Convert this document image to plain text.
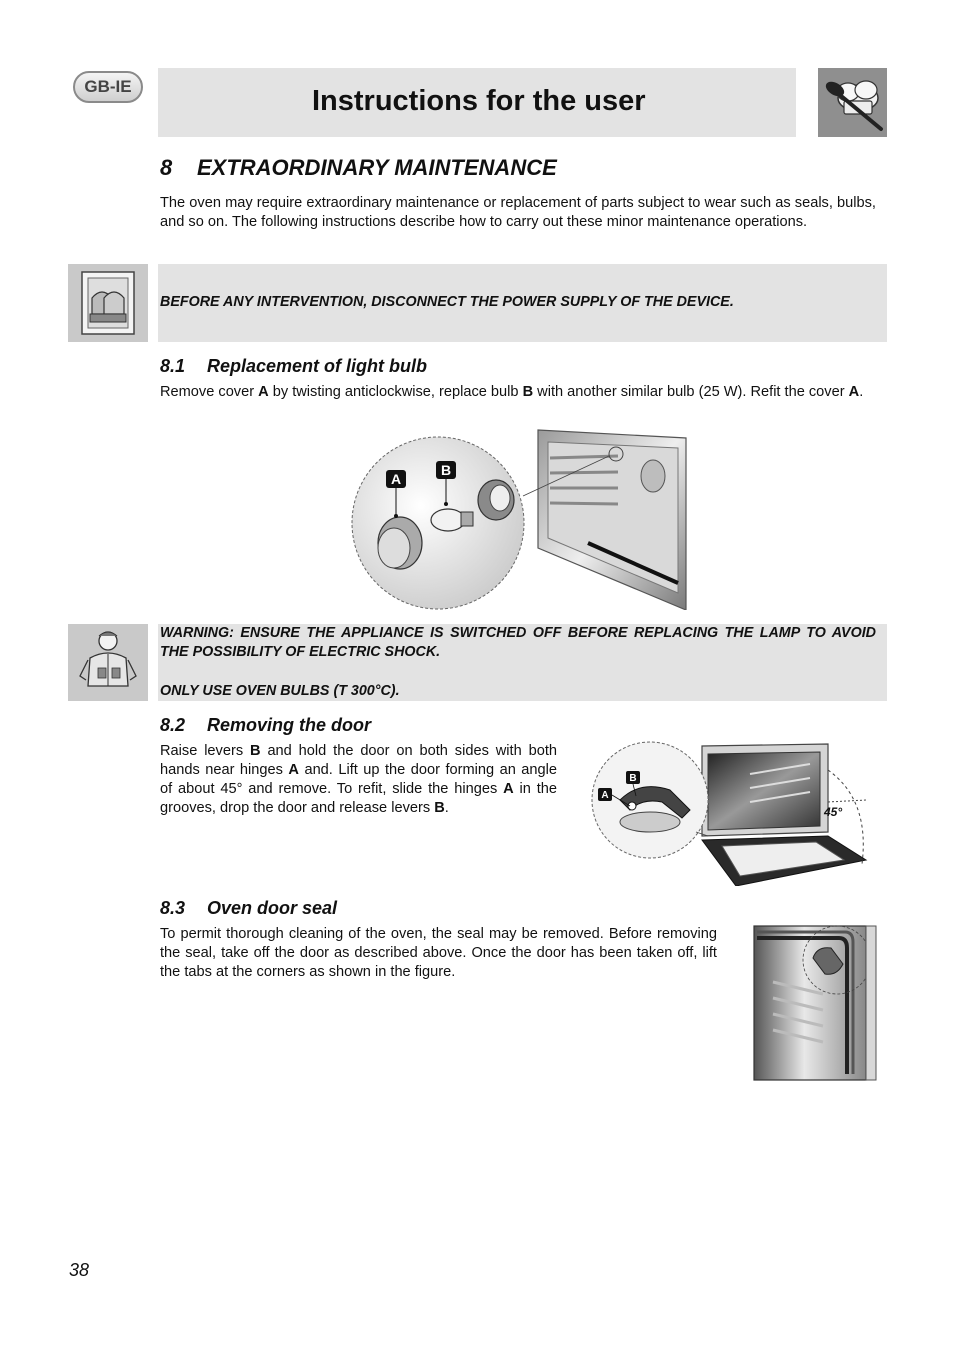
GB-IE	Instructions for the user
8 EXTRAORDINARY MAINTENANCE
The oven may require extraordinary maintenance or replacement of parts subject to wear such as seals, bulbs, and so on. The following instructions describe how to carry out these minor maintenance operations.
BEFORE ANY INTERVENTION, DISCONNECT THE POWER SUPPLY OF THE DEVICE.
8.1 Replacement of light bulb
Remove cover A by twisting anticlockwise, replace bulb B with another similar bulb (25 W). Refit the cover A.
A
B
WARNING: ENSURE THE APPLIANCE IS SWITCHED OFF BEFORE REPLACING THE LAMP TO AVOID THE POSSIBILITY OF ELECTRIC SHOCK.
ONLY USE OVEN BULBS (T 300°C).
8.2 Removing the door
Raise levers B and hold the door on both sides with both hands near hinges A and. Lift up the door forming an angle of about 45° and remove. To refit, slide the hinges A in the grooves, drop the door and release levers B.	45°
A
B
8.3 Oven door seal
To permit thorough cleaning of the oven, the seal may be removed. Before removing the seal, take off the door as described above. Once the door has been taken off, lift the tabs at the corners as shown in the figure.
38
